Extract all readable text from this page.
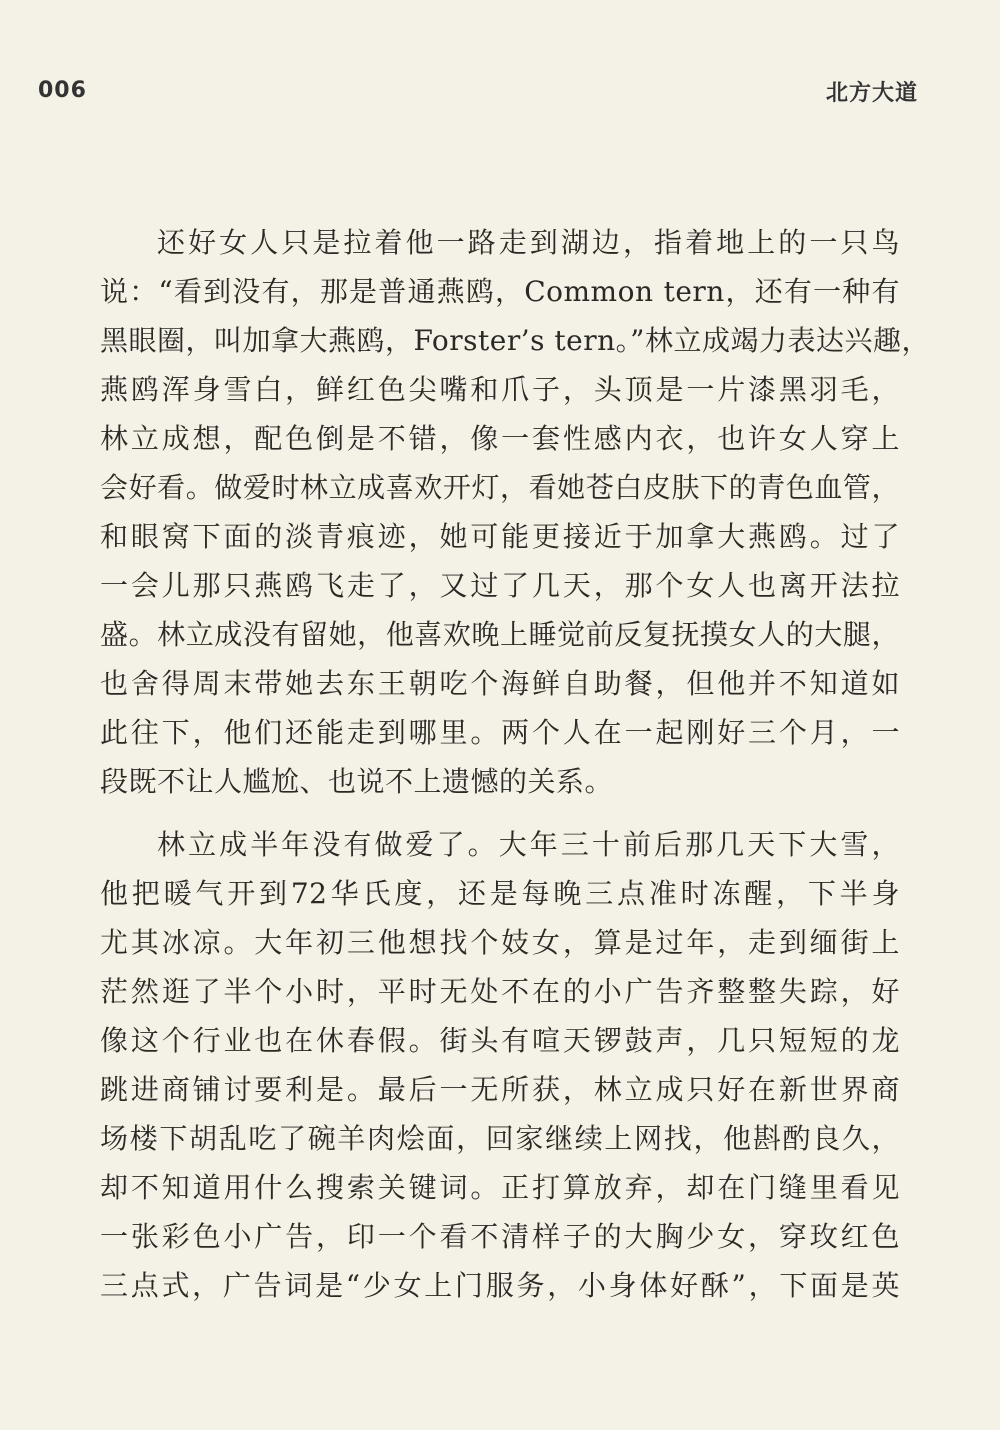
006	北方大道
还好女人只是拉着他一路走到湖边，指着地上的一只鸟
说：“看到没有，那是普通燕鸥，Common tern，还有一种有
黑眼圈，叫加拿大燕鸥，Forster’s tern。”林立成竭力表达兴趣，
燕鸥浑身雪白，鲜红色尖嘴和爪子，头顶是一片漆黑羽毛，
林立成想，配色倒是不错，像一套性感内衣，也许女人穿上
会好看。做爱时林立成喜欢开灯，看她苍白皮肤下的青色血管，
和眼窝下面的淡青痕迹，她可能更接近于加拿大燕鸥。过了
一会儿那只燕鸥飞走了，又过了几天，那个女人也离开法拉
盛。林立成没有留她，他喜欢晚上睡觉前反复抚摸女人的大腿，
也舍得周末带她去东王朝吃个海鲜自助餐，但他并不知道如
此往下，他们还能走到哪里。两个人在一起刚好三个月，一
段既不让人尴尬、也说不上遗憾的关系。
林立成半年没有做爱了。大年三十前后那几天下大雪，
他把暖气开到72华氏度，还是每晚三点准时冻醒，下半身
尤其冰凉。大年初三他想找个妓女，算是过年，走到缅街上
茫然逛了半个小时，平时无处不在的小广告齐整整失踪，好
像这个行业也在休春假。街头有喧天锣鼓声，几只短短的龙
跳进商铺讨要利是。最后一无所获，林立成只好在新世界商
场楼下胡乱吃了碗羊肉烩面，回家继续上网找，他斟酌良久，
却不知道用什么搜索关键词。正打算放弃，却在门缝里看见
一张彩色小广告，印一个看不清样子的大胸少女，穿玫红色
三点式，广告词是“少女上门服务，小身体好酥”，下面是英
